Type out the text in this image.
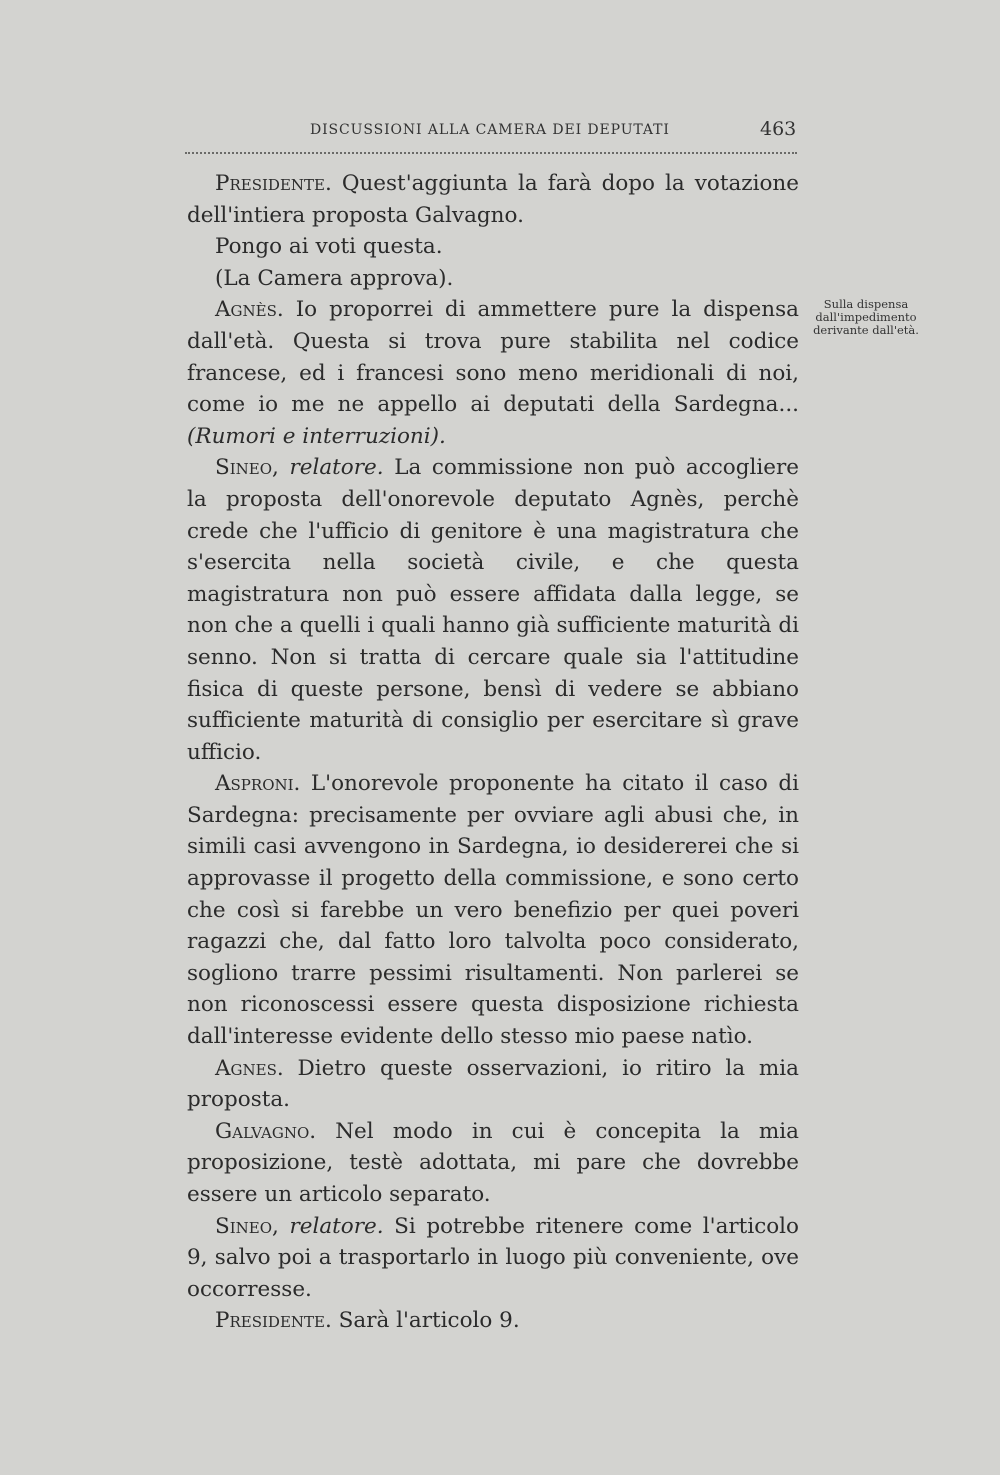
DISCUSSIONI ALLA CAMERA DEI DEPUTATI	463
Sulla dispensa dall'impedimento derivante dall'età.

Presidente. Quest'aggiunta la farà dopo la votazione dell'intiera proposta Galvagno.

Pongo ai voti questa.

(La Camera approva).

Agnès. Io proporrei di ammettere pure la dispensa dall'età. Questa si trova pure stabilita nel codice francese, ed i francesi sono meno meridionali di noi, come io me ne appello ai deputati della Sardegna... (Rumori e interruzioni).

Sineo, relatore. La commissione non può accogliere la proposta dell'onorevole deputato Agnès, perchè crede che l'ufficio di genitore è una magistratura che s'esercita nella società civile, e che questa magistratura non può essere affidata dalla legge, se non che a quelli i quali hanno già sufficiente maturità di senno. Non si tratta di cercare quale sia l'attitudine fisica di queste persone, bensì di vedere se abbiano sufficiente maturità di consiglio per esercitare sì grave ufficio.

Asproni. L'onorevole proponente ha citato il caso di Sardegna: precisamente per ovviare agli abusi che, in simili casi avvengono in Sardegna, io desidererei che si approvasse il progetto della commissione, e sono certo che così si farebbe un vero benefizio per quei poveri ragazzi che, dal fatto loro talvolta poco considerato, sogliono trarre pessimi risultamenti. Non parlerei se non riconoscessi essere questa disposizione richiesta dall'interesse evidente dello stesso mio paese natìo.

Agnes. Dietro queste osservazioni, io ritiro la mia proposta.

Galvagno. Nel modo in cui è concepita la mia proposizione, testè adottata, mi pare che dovrebbe essere un articolo separato.

Sineo, relatore. Si potrebbe ritenere come l'articolo 9, salvo poi a trasportarlo in luogo più conveniente, ove occorresse.

Presidente. Sarà l'articolo 9.
